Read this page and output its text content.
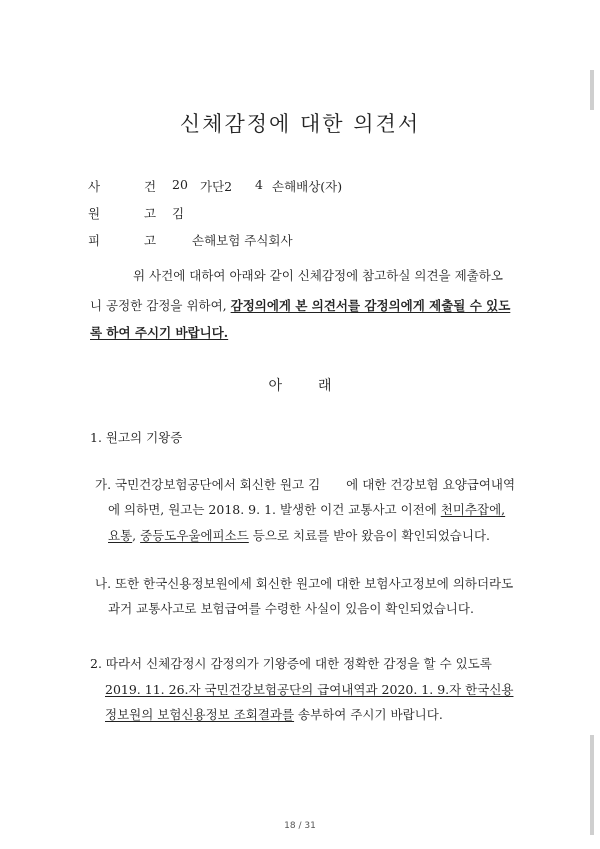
신체감정에 대한 의견서
사	건 20 가단2 4 손해배상(자)
원	고 김
피	고	손해보험 주식회사
위 사건에 대하여 아래와 같이 신체감정에 참고하실 의견을 제출하오
니 공정한 감정을 위하여, 감정의에게 본 의견서를 감정의에게 제출될 수 있도
록 하여 주시기 바랍니다.
아	래
1. 원고의 기왕증
가. 국민건강보험공단에서 회신한 원고 김 에 대한 건강보험 요양급여내역
에 의하면, 원고는 2018. 9. 1. 발생한 이건 교통사고 이전에 천미추잡에,
요통, 중등도우울에피소드 등으로 치료를 받아 왔음이 확인되었습니다.
나. 또한 한국신용정보원에세 회신한 원고에 대한 보험사고정보에 의하더라도
과거 교통사고로 보험급여를 수령한 사실이 있음이 확인되었습니다.
2. 따라서 신체감정시 감정의가 기왕증에 대한 정확한 감정을 할 수 있도록
2019. 11. 26.자 국민건강보험공단의 급여내역과 2020. 1. 9.자 한국신용
정보원의 보험신용정보 조회결과를 송부하여 주시기 바랍니다.
18 / 31
